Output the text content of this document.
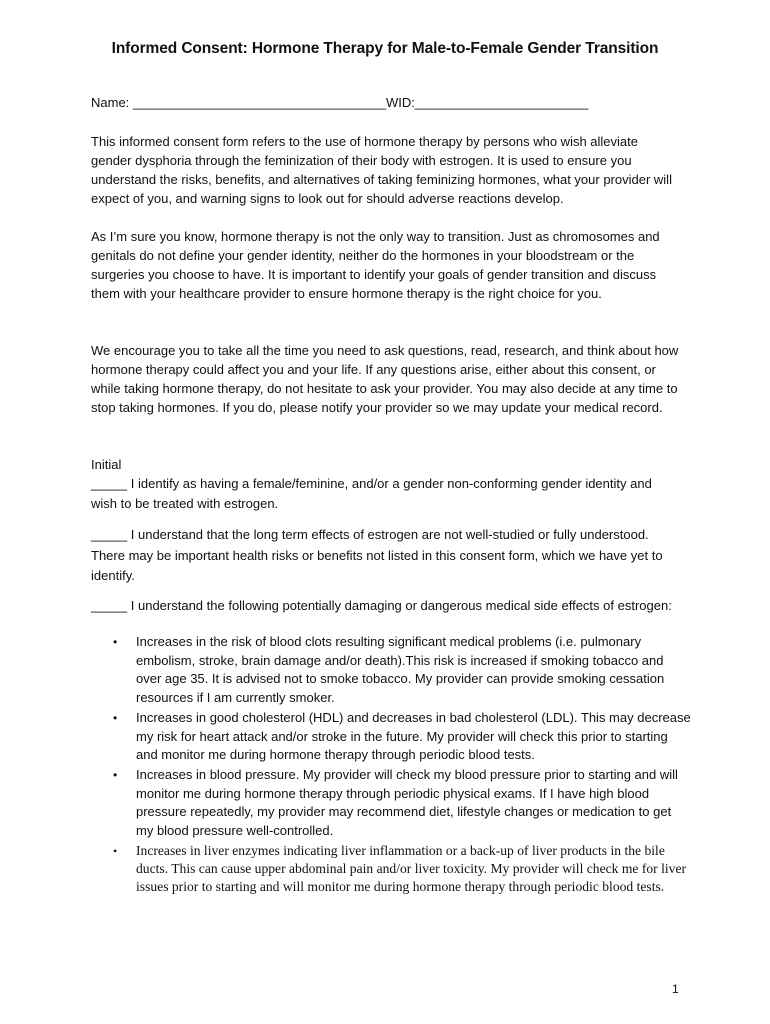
Informed Consent: Hormone Therapy for Male-to-Female Gender Transition
Name: ___________________________________WID:________________________

This informed consent form refers to the use of hormone therapy by persons who wish alleviate gender dysphoria through the feminization of their body with estrogen. It is used to ensure you understand the risks, benefits, and alternatives of taking feminizing hormones, what your provider will expect of you, and warning signs to look out for should adverse reactions develop.

As I’m sure you know, hormone therapy is not the only way to transition. Just as chromosomes and genitals do not define your gender identity, neither do the hormones in your bloodstream or the surgeries you choose to have. It is important to identify your goals of gender transition and discuss them with your healthcare provider to ensure hormone therapy is the right choice for you.

We encourage you to take all the time you need to ask questions, read, research, and think about how hormone therapy could affect you and your life. If any questions arise, either about this consent, or while taking hormone therapy, do not hesitate to ask your provider. You may also decide at any time to stop taking hormones. If you do, please notify your provider so we may update your medical record.

Initial

_____ I identify as having a female/feminine, and/or a gender non-conforming gender identity and wish to be treated with estrogen.

_____ I understand that the long term effects of estrogen are not well-studied or fully understood. There may be important health risks or benefits not listed in this consent form, which we have yet to identify.

_____ I understand the following potentially damaging or dangerous medical side effects of estrogen:

• Increases in the risk of blood clots resulting significant medical problems (i.e. pulmonary embolism, stroke, brain damage and/or death).This risk is increased if smoking tobacco and over age 35. It is advised not to smoke tobacco. My provider can provide smoking cessation resources if I am currently smoker.
• Increases in good cholesterol (HDL) and decreases in bad cholesterol (LDL). This may decrease my risk for heart attack and/or stroke in the future. My provider will check this prior to starting and monitor me during hormone therapy through periodic blood tests.
• Increases in blood pressure. My provider will check my blood pressure prior to starting and will monitor me during hormone therapy through periodic physical exams. If I have high blood pressure repeatedly, my provider may recommend diet, lifestyle changes or medication to get my blood pressure well-controlled.
• Increases in liver enzymes indicating liver inflammation or a back-up of liver products in the bile ducts. This can cause upper abdominal pain and/or liver toxicity. My provider will check me for liver issues prior to starting and will monitor me during hormone therapy through periodic blood tests.
1
